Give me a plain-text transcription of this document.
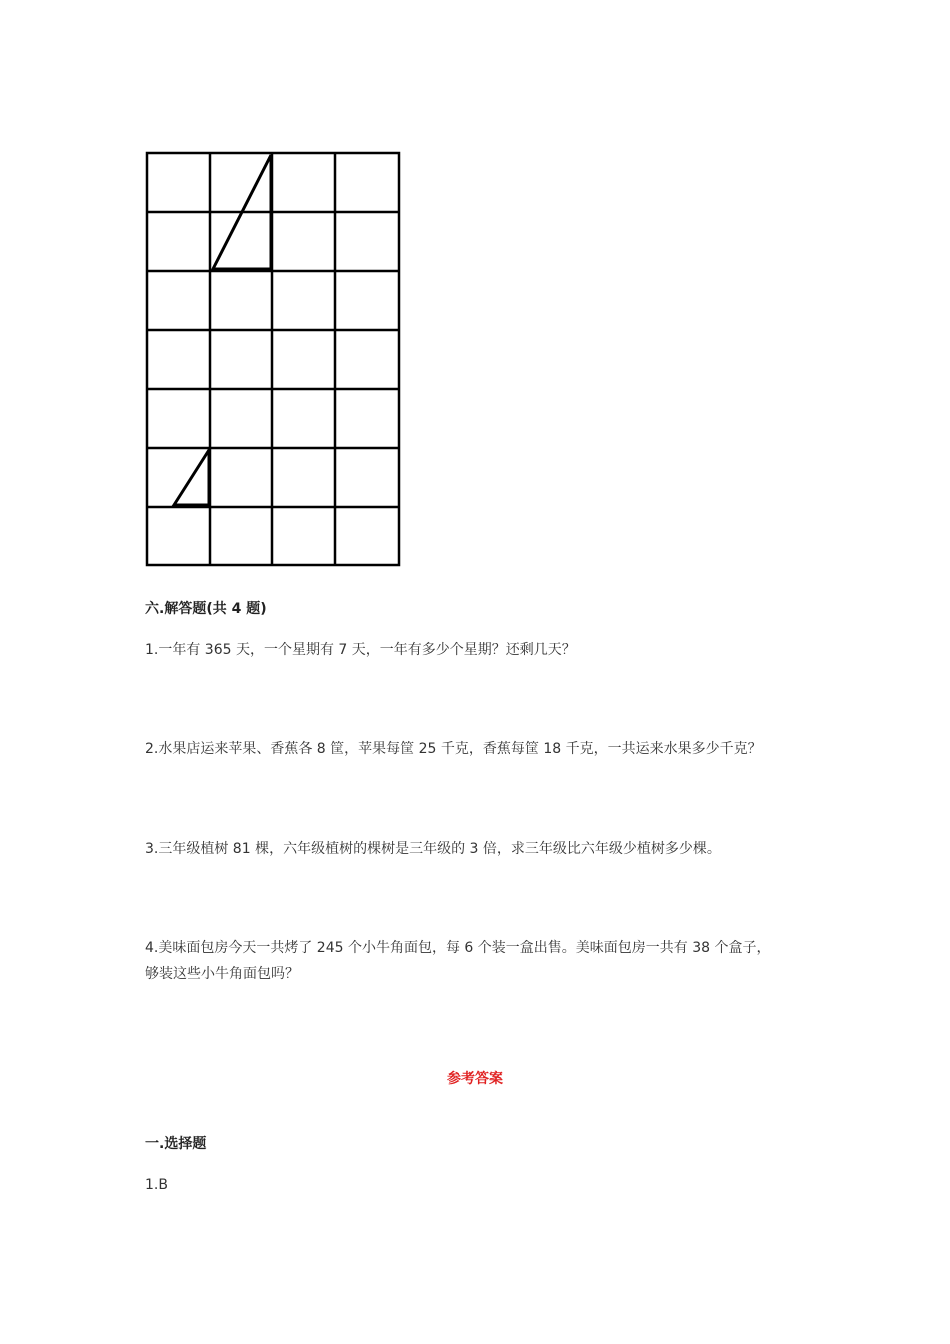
六.解答题(共 4 题)
1.一年有 365 天，一个星期有 7 天，一年有多少个星期？还剩几天？
2.水果店运来苹果、香蕉各 8 筐，苹果每筐 25 千克，香蕉每筐 18 千克，一共运来水果多少千克？
3.三年级植树 81 棵，六年级植树的棵树是三年级的 3 倍，求三年级比六年级少植树多少棵。
4.美味面包房今天一共烤了 245 个小牛角面包，每 6 个装一盒出售。美味面包房一共有 38 个盒子，
够装这些小牛角面包吗？
参考答案
一.选择题
1.B
